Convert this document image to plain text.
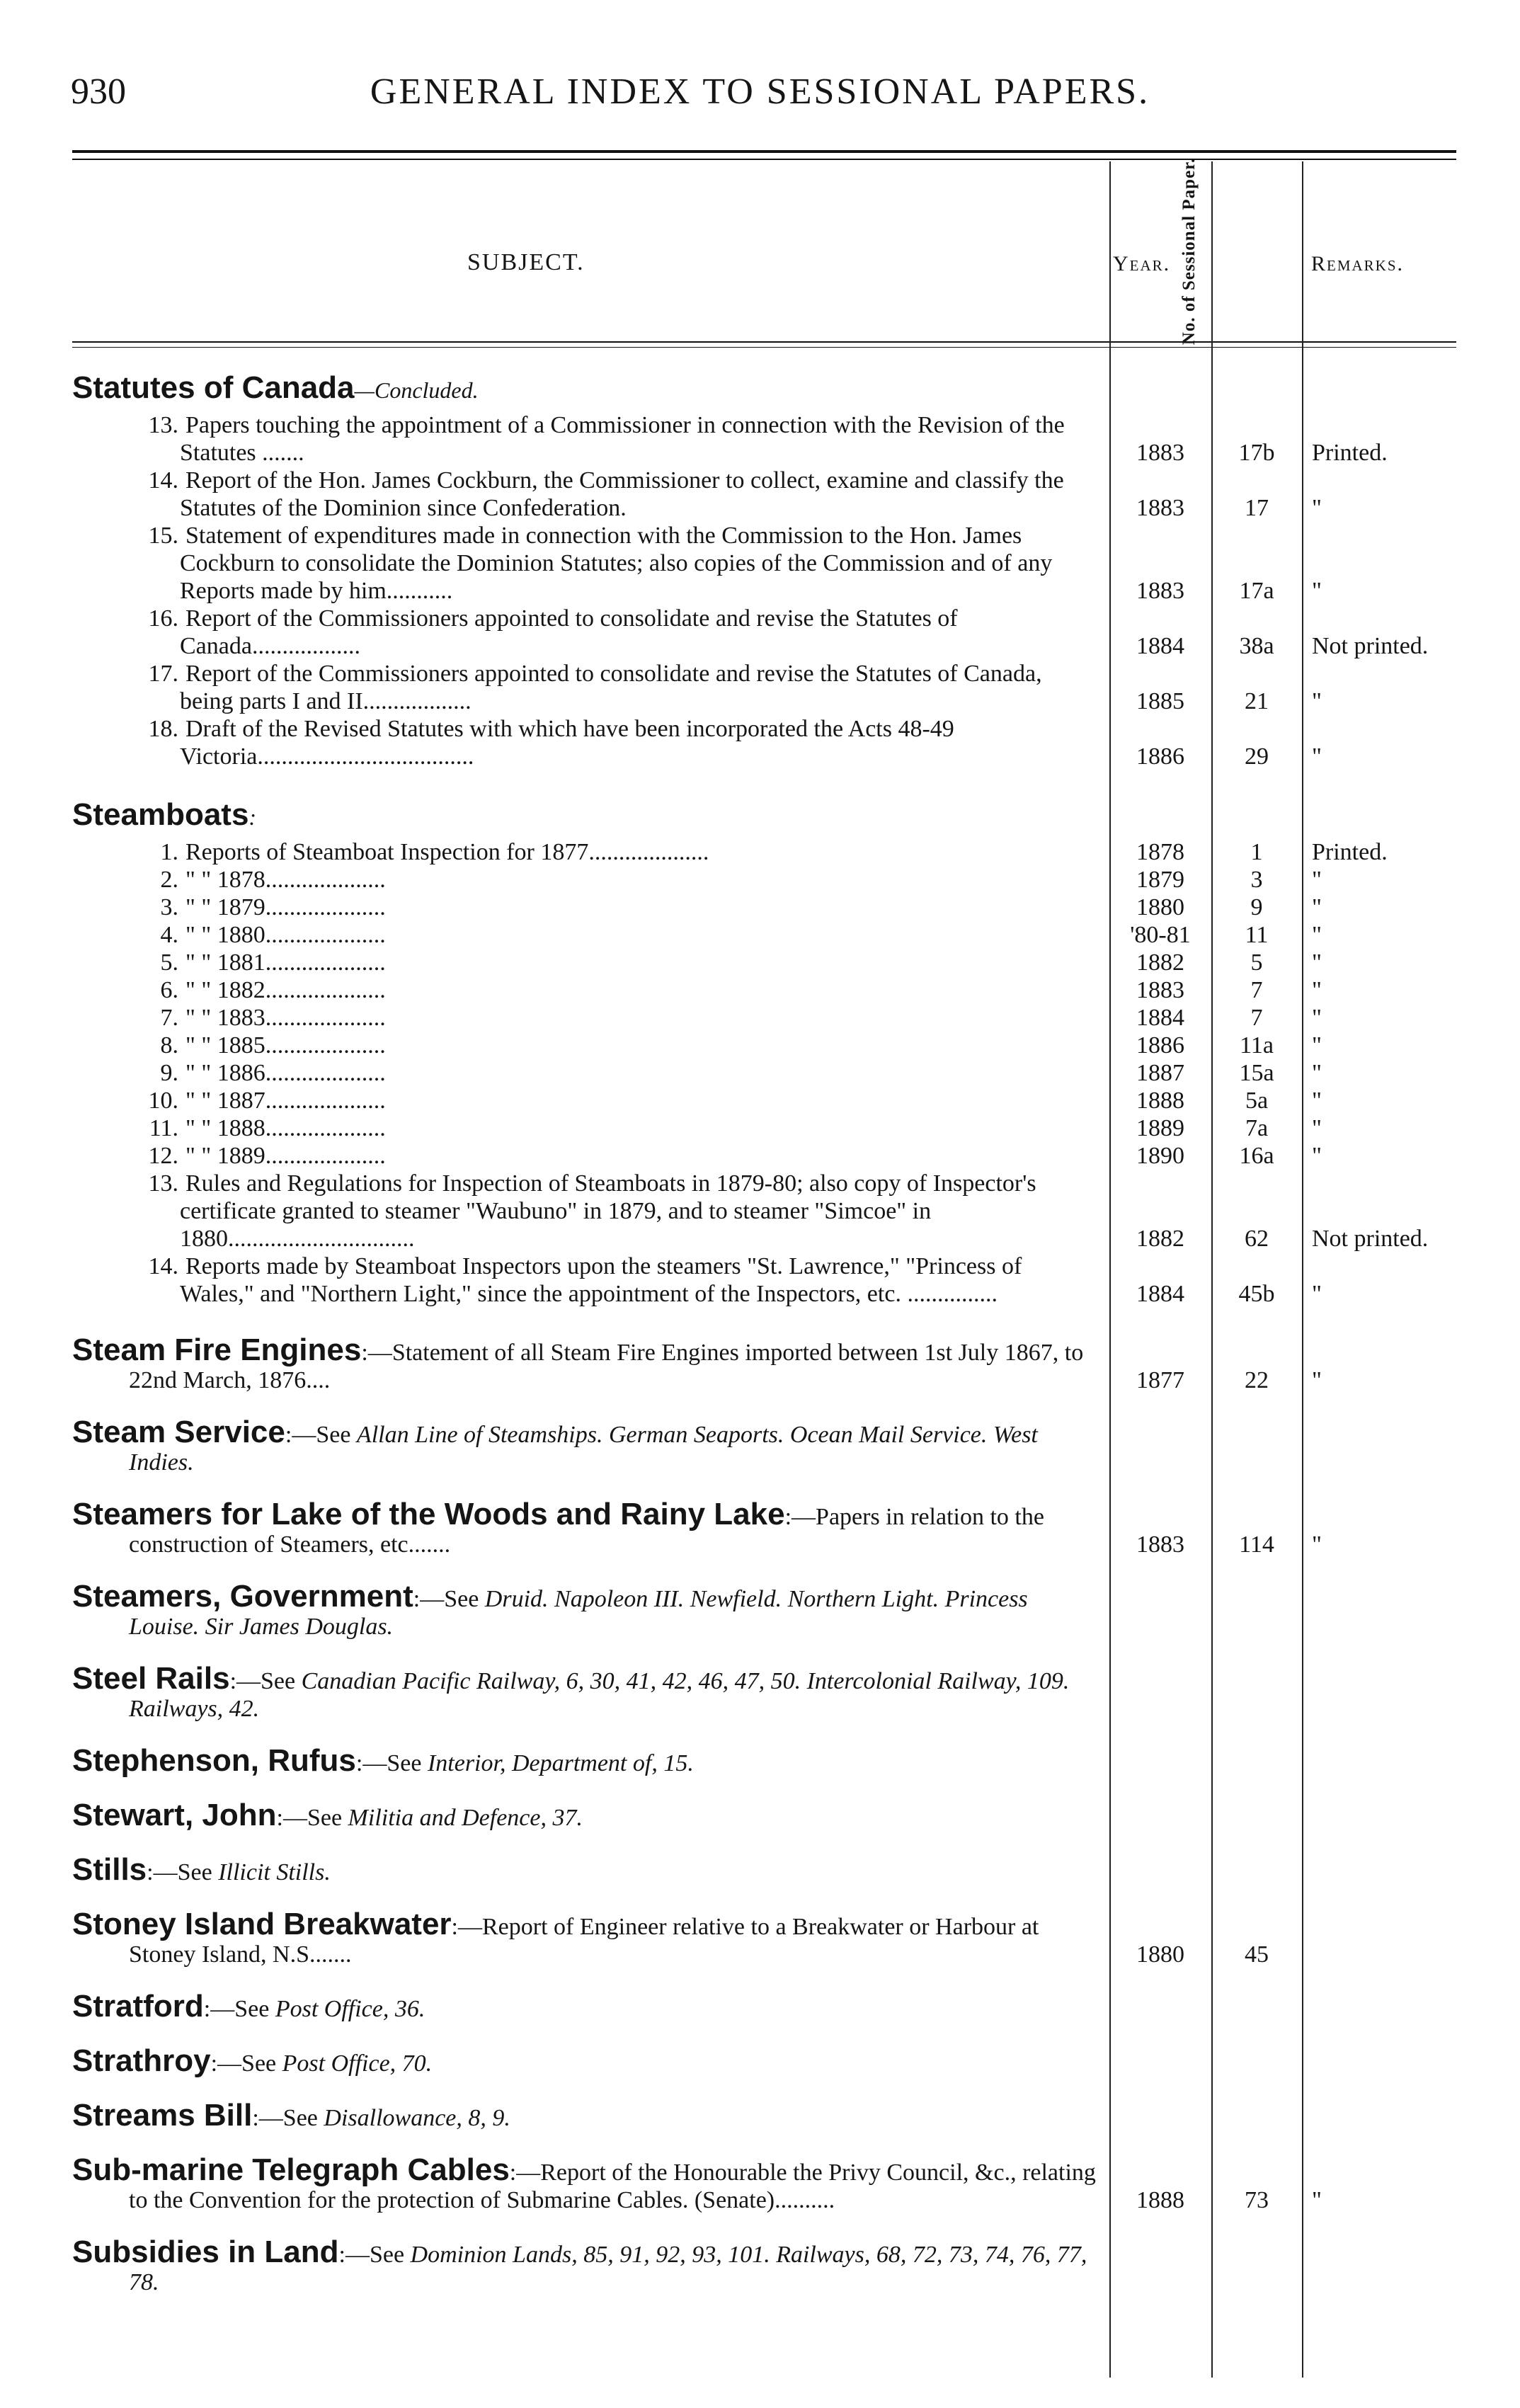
930	GENERAL INDEX TO SESSIONAL PAPERS.
SUBJECT.	Year. No. of Sessional Paper.	Remarks.
Statutes of Canada—Concluded.
13. Papers touching the appointment of a Commissioner in connection with the Revision of the Statutes .......	1883	17b	Printed.
14. Report of the Hon. James Cockburn, the Commissioner to collect, examine and classify the Statutes of the Dominion since Confederation.	1883	17	"
15. Statement of expenditures made in connection with the Commission to the Hon. James Cockburn to consolidate the Dominion Statutes; also copies of the Commission and of any Reports made by him...........	1883	17a	"
16. Report of the Commissioners appointed to consolidate and revise the Statutes of Canada..................	1884	38a	Not printed.
17. Report of the Commissioners appointed to consolidate and revise the Statutes of Canada, being parts I and II..................	1885	21	"
18. Draft of the Revised Statutes with which have been incorporated the Acts 48-49 Victoria....................................	1886	29	"
Steamboats:
1. Reports of Steamboat Inspection for 1877....................	1878	1	Printed.
2. " " 1878....................	1879	3	"
3. " " 1879....................	1880	9	"
4. " " 1880....................	'80-81	11	"
5. " " 1881....................	1882	5	"
6. " " 1882....................	1883	7	"
7. " " 1883....................	1884	7	"
8. " " 1885....................	1886	11a	"
9. " " 1886....................	1887	15a	"
10. " " 1887....................	1888	5a	"
11. " " 1888....................	1889	7a	"
12. " " 1889....................	1890	16a	"
13. Rules and Regulations for Inspection of Steamboats in 1879-80; also copy of Inspector's certificate granted to steamer "Waubuno" in 1879, and to steamer "Simcoe" in 1880...............................	1882	62	Not printed.
14. Reports made by Steamboat Inspectors upon the steamers "St. Lawrence," "Princess of Wales," and "Northern Light," since the appointment of the Inspectors, etc. ...............	1884	45b	"
Steam Fire Engines:—Statement of all Steam Fire Engines imported between 1st July 1867, to 22nd March, 1876....	1877	22	"
Steam Service:—See Allan Line of Steamships. German Seaports. Ocean Mail Service. West Indies.
Steamers for Lake of the Woods and Rainy Lake:—Papers in relation to the construction of Steamers, etc.......	1883	114	"
Steamers, Government:—See Druid. Napoleon III. Newfield. Northern Light. Princess Louise. Sir James Douglas.
Steel Rails:—See Canadian Pacific Railway, 6, 30, 41, 42, 46, 47, 50. Intercolonial Railway, 109. Railways, 42.
Stephenson, Rufus:—See Interior, Department of, 15.
Stewart, John:—See Militia and Defence, 37.
Stills:—See Illicit Stills.
Stoney Island Breakwater:—Report of Engineer relative to a Breakwater or Harbour at Stoney Island, N.S.......	1880	45
Stratford:—See Post Office, 36.
Strathroy:—See Post Office, 70.
Streams Bill:—See Disallowance, 8, 9.
Sub-marine Telegraph Cables:—Report of the Honourable the Privy Council, &c., relating to the Convention for the protection of Submarine Cables. (Senate)..........	1888	73	"
Subsidies in Land:—See Dominion Lands, 85, 91, 92, 93, 101. Railways, 68, 72, 73, 74, 76, 77, 78.
